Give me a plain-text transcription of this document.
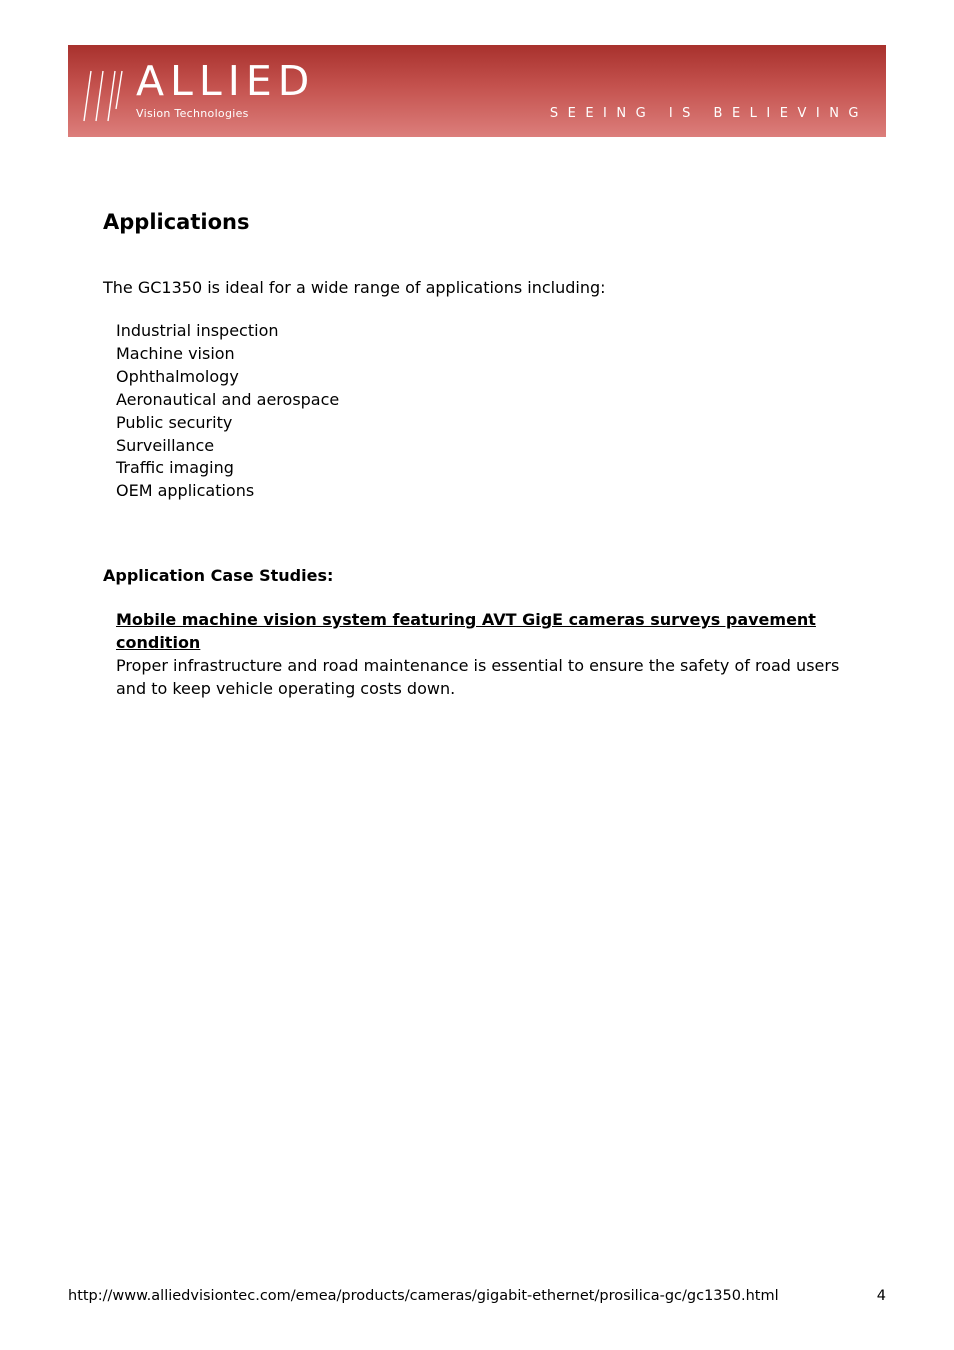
ALLIED
Vision Technologies	SEEING IS BELIEVING
Applications

The GC1350 is ideal for a wide range of applications including:

Industrial inspection
Machine vision
Ophthalmology
Aeronautical and aerospace
Public security
Surveillance
Traffic imaging
OEM applications
Application Case Studies:
Mobile machine vision system featuring AVT GigE cameras surveys pavement condition

Proper infrastructure and road maintenance is essential to ensure the safety of road users and to keep vehicle operating costs down.

http://www.alliedvisiontec.com/emea/products/cameras/gigabit-ethernet/prosilica-gc/gc1350.html	4
